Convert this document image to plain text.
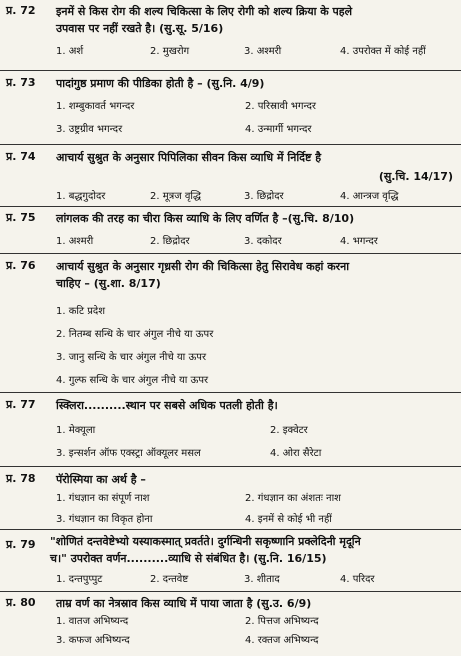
प्र. 72 इनमें से किस रोग की शल्य चिकित्सा के लिए रोगी को शल्य क्रिया के पहले
उपवास पर नहीं रखते है। (सु.सू. 5/16)
1. अर्श	2. मुखरोग	3. अश्मरी	4. उपरोक्त में कोई नहीं
प्र. 73 पादांगुष्ठ प्रमाण की पीडिका होती है – (सु.नि. 4/9)
1. शम्बुकावर्त भगन्दर	2. परिस्रावी भगन्दर
3. उष्ट्रग्रीव भगन्दर	4. उन्मार्गी भगन्दर
प्र. 74 आचार्य सुश्रुत के अनुसार पिपिलिका सीवन किस व्याधि में निर्दिष्ट है
(सु.चि. 14/17)
1. बद्धगुदोदर	2. मूत्रज वृद्धि	3. छिद्रोदर	4. आन्त्रज वृद्धि
प्र. 75 लांगलक की तरह का चीरा किस व्याधि के लिए वर्णित है –(सु.चि. 8/10)
1. अश्मरी	2. छिद्रोदर	3. दकोदर	4. भगन्दर
प्र. 76 आचार्य सुश्रुत के अनुसार गृध्रसी रोग की चिकित्सा हेतु सिरावेध कहां करना
चाहिए – (सु.शा. 8/17)
1. कटि प्रदेश
2. नितम्ब सन्धि के चार अंगुल नीचे या ऊपर
3. जानु सन्धि के चार अंगुल नीचे या ऊपर
4. गुल्फ सन्धि के चार अंगुल नीचे या ऊपर
प्र. 77 स्क्लिरा..........स्थान पर सबसे अधिक पतली होती है।
1. मेक्यूला	2. इक्वेटर
3. इन्सर्शन ऑफ एक्स्ट्रा ऑक्यूलर मसल	4. ओरा सैरेटा
प्र. 78 पॅरोस्मिया का अर्थ है –
1. गंधज्ञान का संपूर्ण नाश	2. गंधज्ञान का अंशतः नाश
3. गंधज्ञान का विकृत होना	4. इनमें से कोई भी नहीं
प्र. 79 "शोणितं दन्तवेष्टेभ्यो यस्याकस्मात् प्रवर्तते। दुर्गन्धिनी सकृष्णानि प्रक्लेदिनी मृदूनि
च।" उपरोक्त वर्णन..........व्याधि से संबंधित है। (सु.नि. 16/15)
1. दन्तपुप्पुट	2. दन्तवेष्ट	3. शीताद	4. परिदर
प्र. 80 ताम्र वर्ण का नेत्रस्राव किस व्याधि में पाया जाता है (सु.उ. 6/9)
1. वातज अभिष्यन्द	2. पित्तज अभिष्यन्द
3. कफज अभिष्यन्द	4. रक्तज अभिष्यन्द
